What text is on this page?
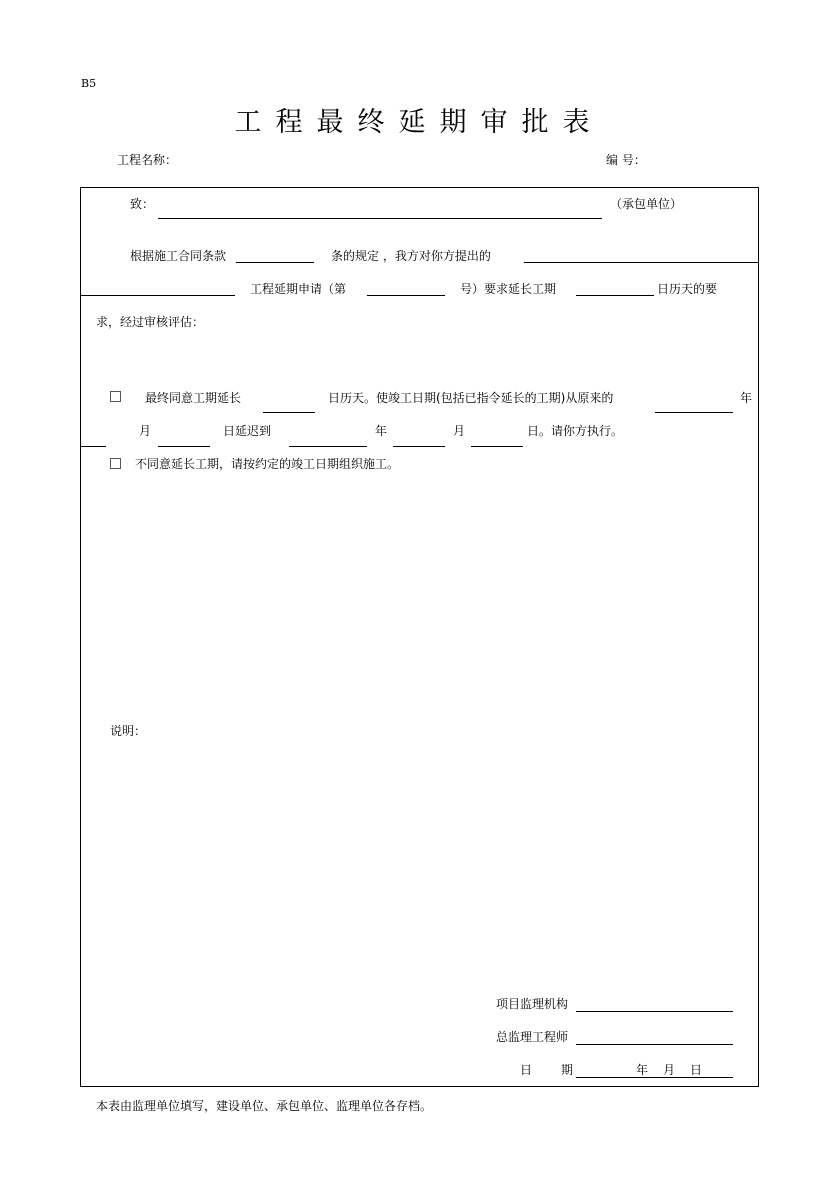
B5
工程最终延期审批表
工程名称：	编 号：
致：	（承包单位）
根据施工合同条款	条的规定 ，我方对你方提出的
工程延期申请（第	号）要求延长工期	日历天的要
求，经过审核评估：
最终同意工期延长	日历天。使竣工日期(包括已指令延长的工期)从原来的	年
月	日延迟到	年	月	日。请你方执行。
不同意延长工期，请按约定的竣工日期组织施工。
说明：
项目监理机构
总监理工程师
日 期	年 月 日
本表由监理单位填写，建设单位、承包单位、监理单位各存档。
